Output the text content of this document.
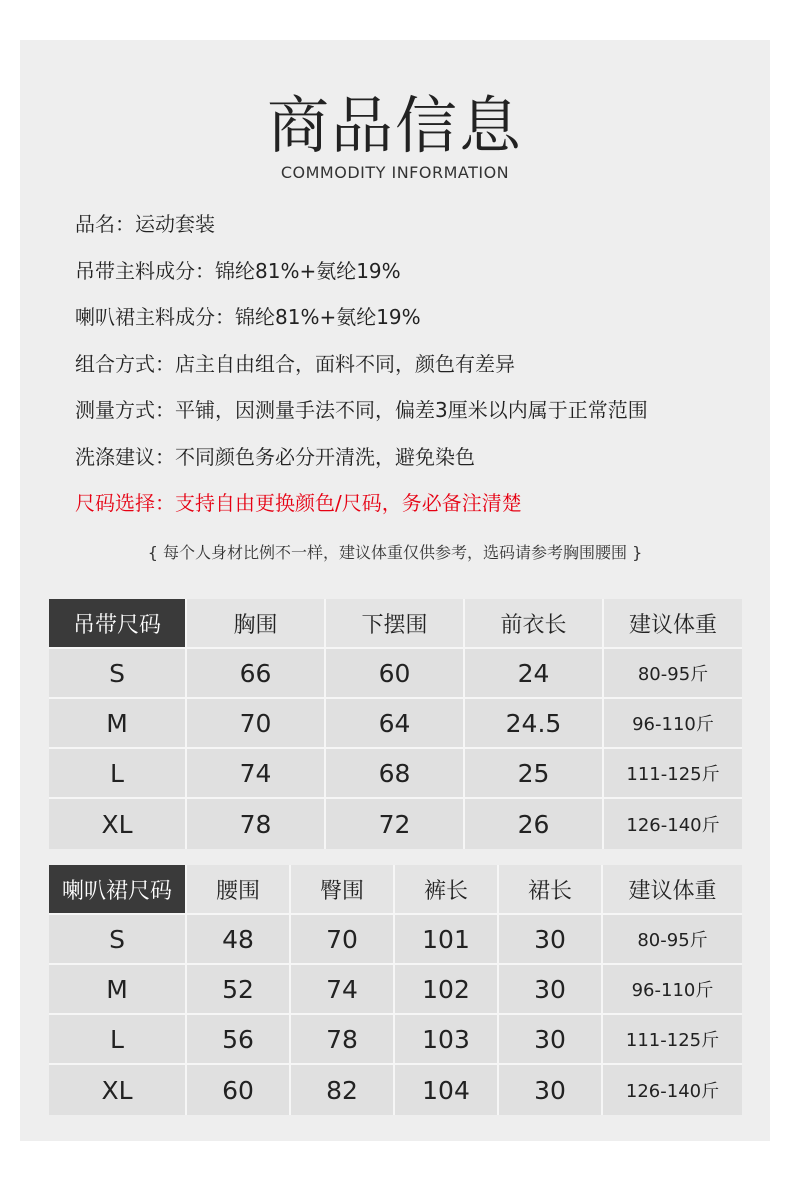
商品信息
COMMODITY INFORMATION
品名：运动套装
吊带主料成分：锦纶81%+氨纶19%
喇叭裙主料成分：锦纶81%+氨纶19%
组合方式：店主自由组合，面料不同，颜色有差异
测量方式：平铺，因测量手法不同，偏差3厘米以内属于正常范围
洗涤建议：不同颜色务必分开清洗，避免染色
尺码选择：支持自由更换颜色/尺码，务必备注清楚
{ 每个人身材比例不一样，建议体重仅供参考，选码请参考胸围腰围 }
吊带尺码	胸围	下摆围	前衣长	建议体重
S	66	60	24	80-95斤
M	70	64	24.5	96-110斤
L	74	68	25	111-125斤
XL	78	72	26	126-140斤
喇叭裙尺码	腰围	臀围	裤长	裙长	建议体重
S	48	70	101	30	80-95斤
M	52	74	102	30	96-110斤
L	56	78	103	30	111-125斤
XL	60	82	104	30	126-140斤
